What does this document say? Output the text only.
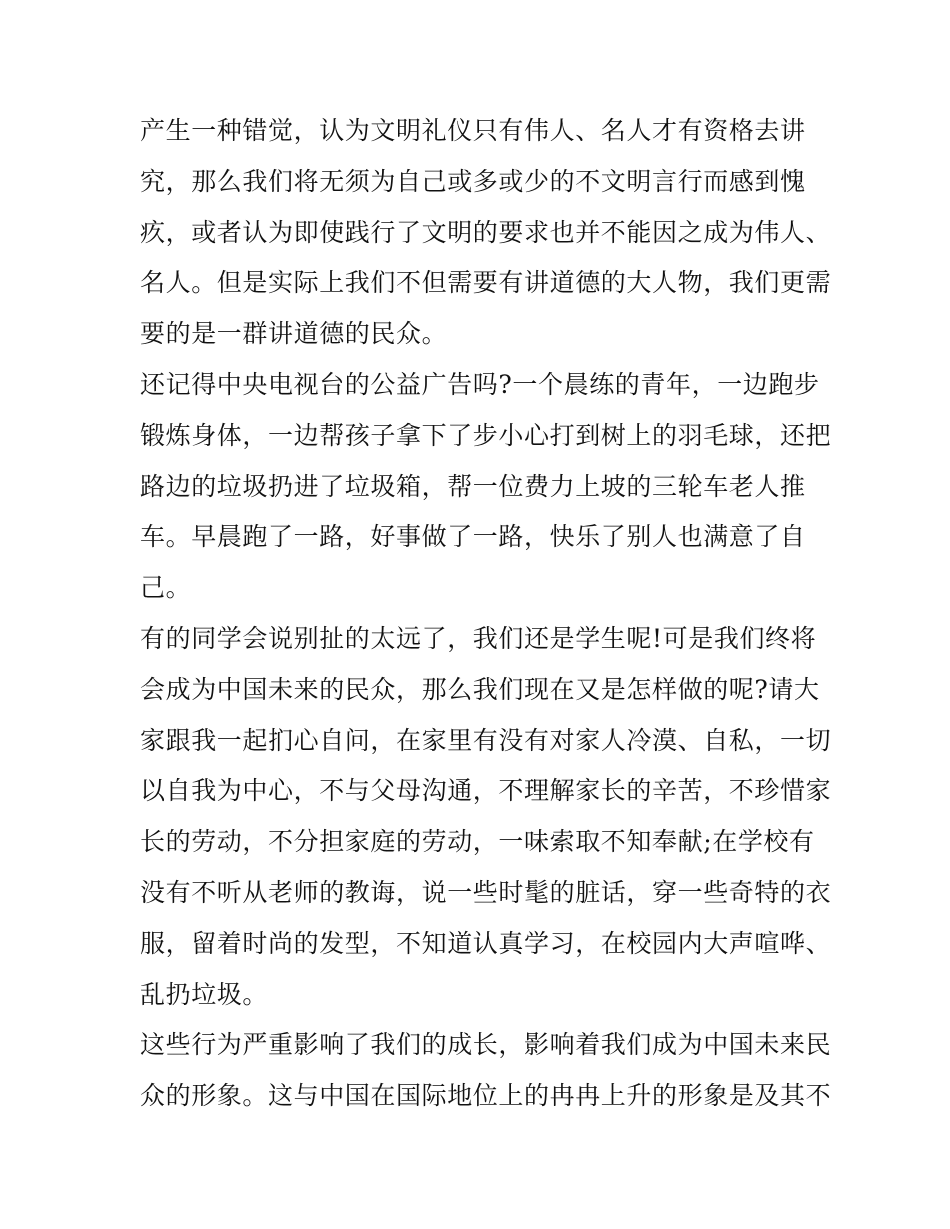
产生一种错觉，认为文明礼仪只有伟人、名人才有资格去讲
究，那么我们将无须为自己或多或少的不文明言行而感到愧
疚，或者认为即使践行了文明的要求也并不能因之成为伟人、
名人。但是实际上我们不但需要有讲道德的大人物，我们更需
要的是一群讲道德的民众。
还记得中央电视台的公益广告吗?一个晨练的青年，一边跑步
锻炼身体，一边帮孩子拿下了步小心打到树上的羽毛球，还把
路边的垃圾扔进了垃圾箱，帮一位费力上坡的三轮车老人推
车。早晨跑了一路，好事做了一路，快乐了别人也满意了自
己。
有的同学会说别扯的太远了，我们还是学生呢!可是我们终将
会成为中国未来的民众，那么我们现在又是怎样做的呢?请大
家跟我一起扪心自问，在家里有没有对家人冷漠、自私，一切
以自我为中心，不与父母沟通，不理解家长的辛苦，不珍惜家
长的劳动，不分担家庭的劳动，一味索取不知奉献;在学校有
没有不听从老师的教诲，说一些时髦的脏话，穿一些奇特的衣
服，留着时尚的发型，不知道认真学习，在校园内大声喧哗、
乱扔垃圾。
这些行为严重影响了我们的成长，影响着我们成为中国未来民
众的形象。这与中国在国际地位上的冉冉上升的形象是及其不
